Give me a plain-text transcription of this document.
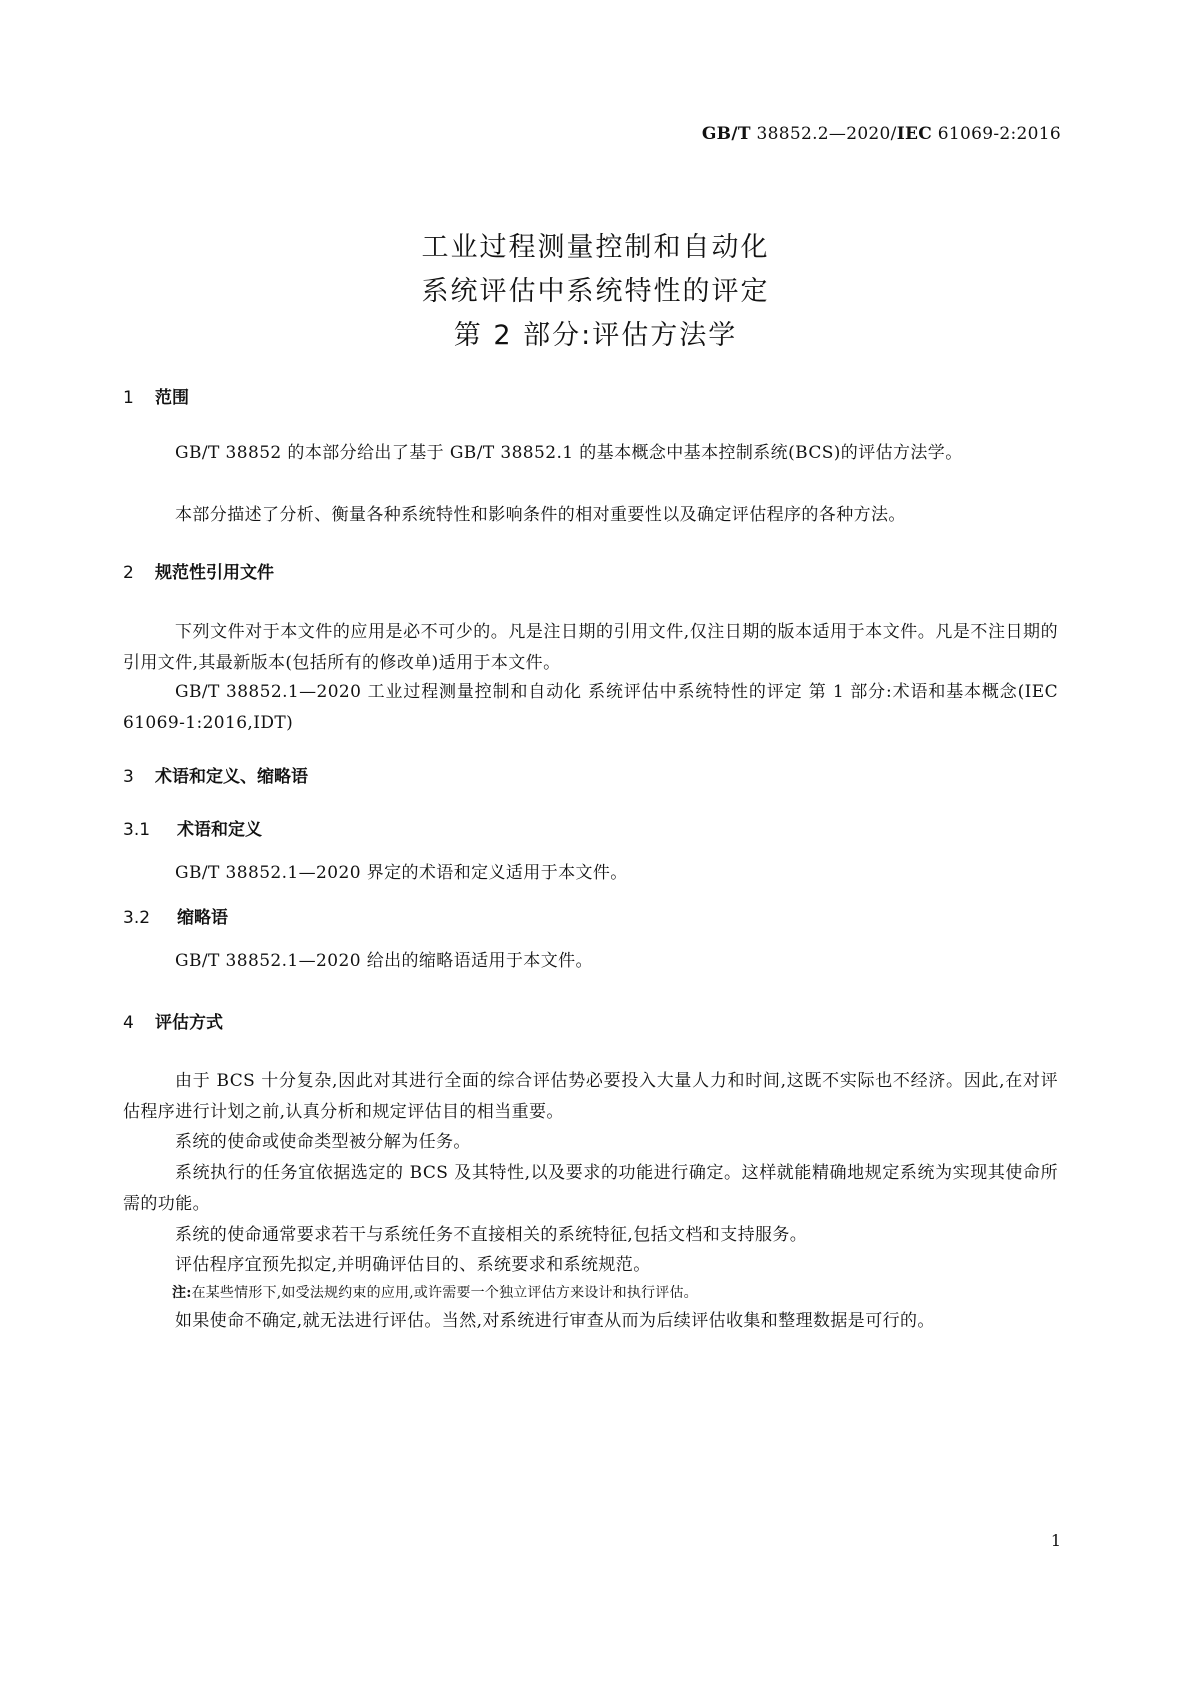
GB/T 38852.2—2020/IEC 61069-2:2016
工业过程测量控制和自动化
系统评估中系统特性的评定
第 2 部分:评估方法学
1 范围
GB/T 38852 的本部分给出了基于 GB/T 38852.1 的基本概念中基本控制系统(BCS)的评估方法学。
本部分描述了分析、衡量各种系统特性和影响条件的相对重要性以及确定评估程序的各种方法。
2 规范性引用文件
下列文件对于本文件的应用是必不可少的。凡是注日期的引用文件,仅注日期的版本适用于本文件。凡是不注日期的引用文件,其最新版本(包括所有的修改单)适用于本文件。
GB/T 38852.1—2020 工业过程测量控制和自动化 系统评估中系统特性的评定 第 1 部分:术语和基本概念(IEC 61069-1:2016,IDT)
3 术语和定义、缩略语
3.1 术语和定义
GB/T 38852.1—2020 界定的术语和定义适用于本文件。
3.2 缩略语
GB/T 38852.1—2020 给出的缩略语适用于本文件。
4 评估方式
由于 BCS 十分复杂,因此对其进行全面的综合评估势必要投入大量人力和时间,这既不实际也不经济。因此,在对评估程序进行计划之前,认真分析和规定评估目的相当重要。
系统的使命或使命类型被分解为任务。
系统执行的任务宜依据选定的 BCS 及其特性,以及要求的功能进行确定。这样就能精确地规定系统为实现其使命所需的功能。
系统的使命通常要求若干与系统任务不直接相关的系统特征,包括文档和支持服务。
评估程序宜预先拟定,并明确评估目的、系统要求和系统规范。
注:在某些情形下,如受法规约束的应用,或许需要一个独立评估方来设计和执行评估。
如果使命不确定,就无法进行评估。当然,对系统进行审查从而为后续评估收集和整理数据是可行的。
1
